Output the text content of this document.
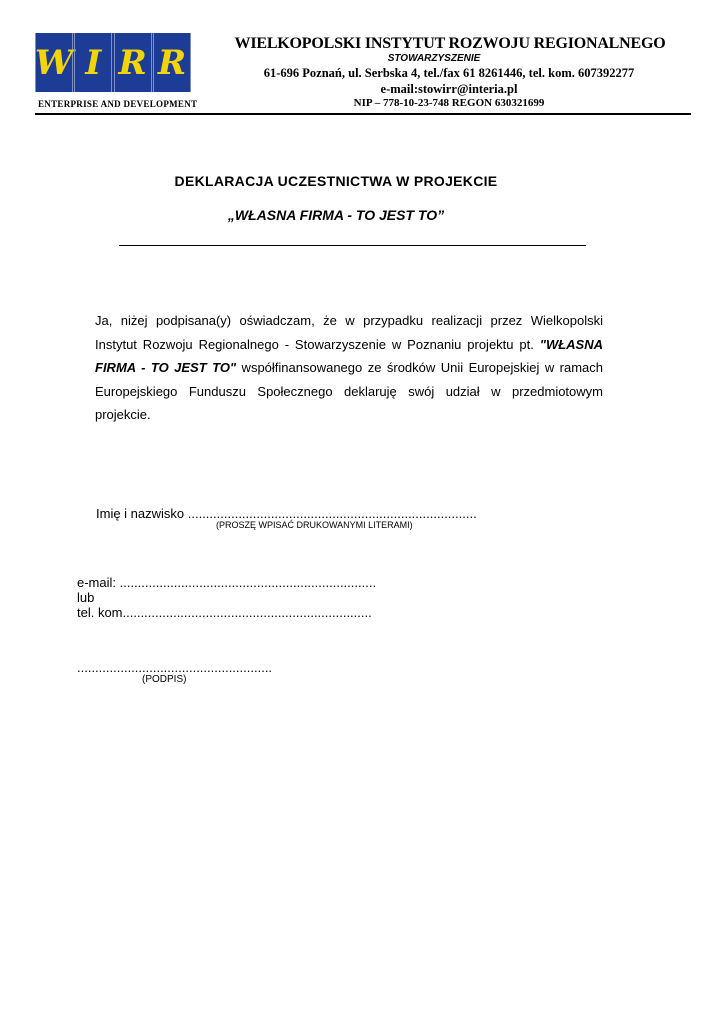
W I R R
ENTERPRISE AND DEVELOPMENT
WIELKOPOLSKI INSTYTUT ROZWOJU REGIONALNEGO
STOWARZYSZENIE
61-696 Poznań, ul. Serbska 4, tel./fax 61 8261446, tel. kom. 607392277
e-mail:stowirr@interia.pl
NIP – 778-10-23-748 REGON 630321699
DEKLARACJA UCZESTNICTWA W PROJEKCIE
„WŁASNA FIRMA - TO JEST TO”

Ja, niżej podpisana(y) oświadczam, że w przypadku realizacji przez Wielkopolski Instytut Rozwoju Regionalnego - Stowarzyszenie w Poznaniu projektu pt. "WŁASNA FIRMA - TO JEST TO" współfinansowanego ze środków Unii Europejskiej w ramach Europejskiego Funduszu Społecznego deklaruję swój udział w przedmiotowym projekcie.

Imię i nazwisko ................................................................................
(PROSZĘ WPISAĆ DRUKOWANYMI LITERAMI)
e-mail: .......................................................................
lub
tel. kom.....................................................................
......................................................
(PODPIS)
